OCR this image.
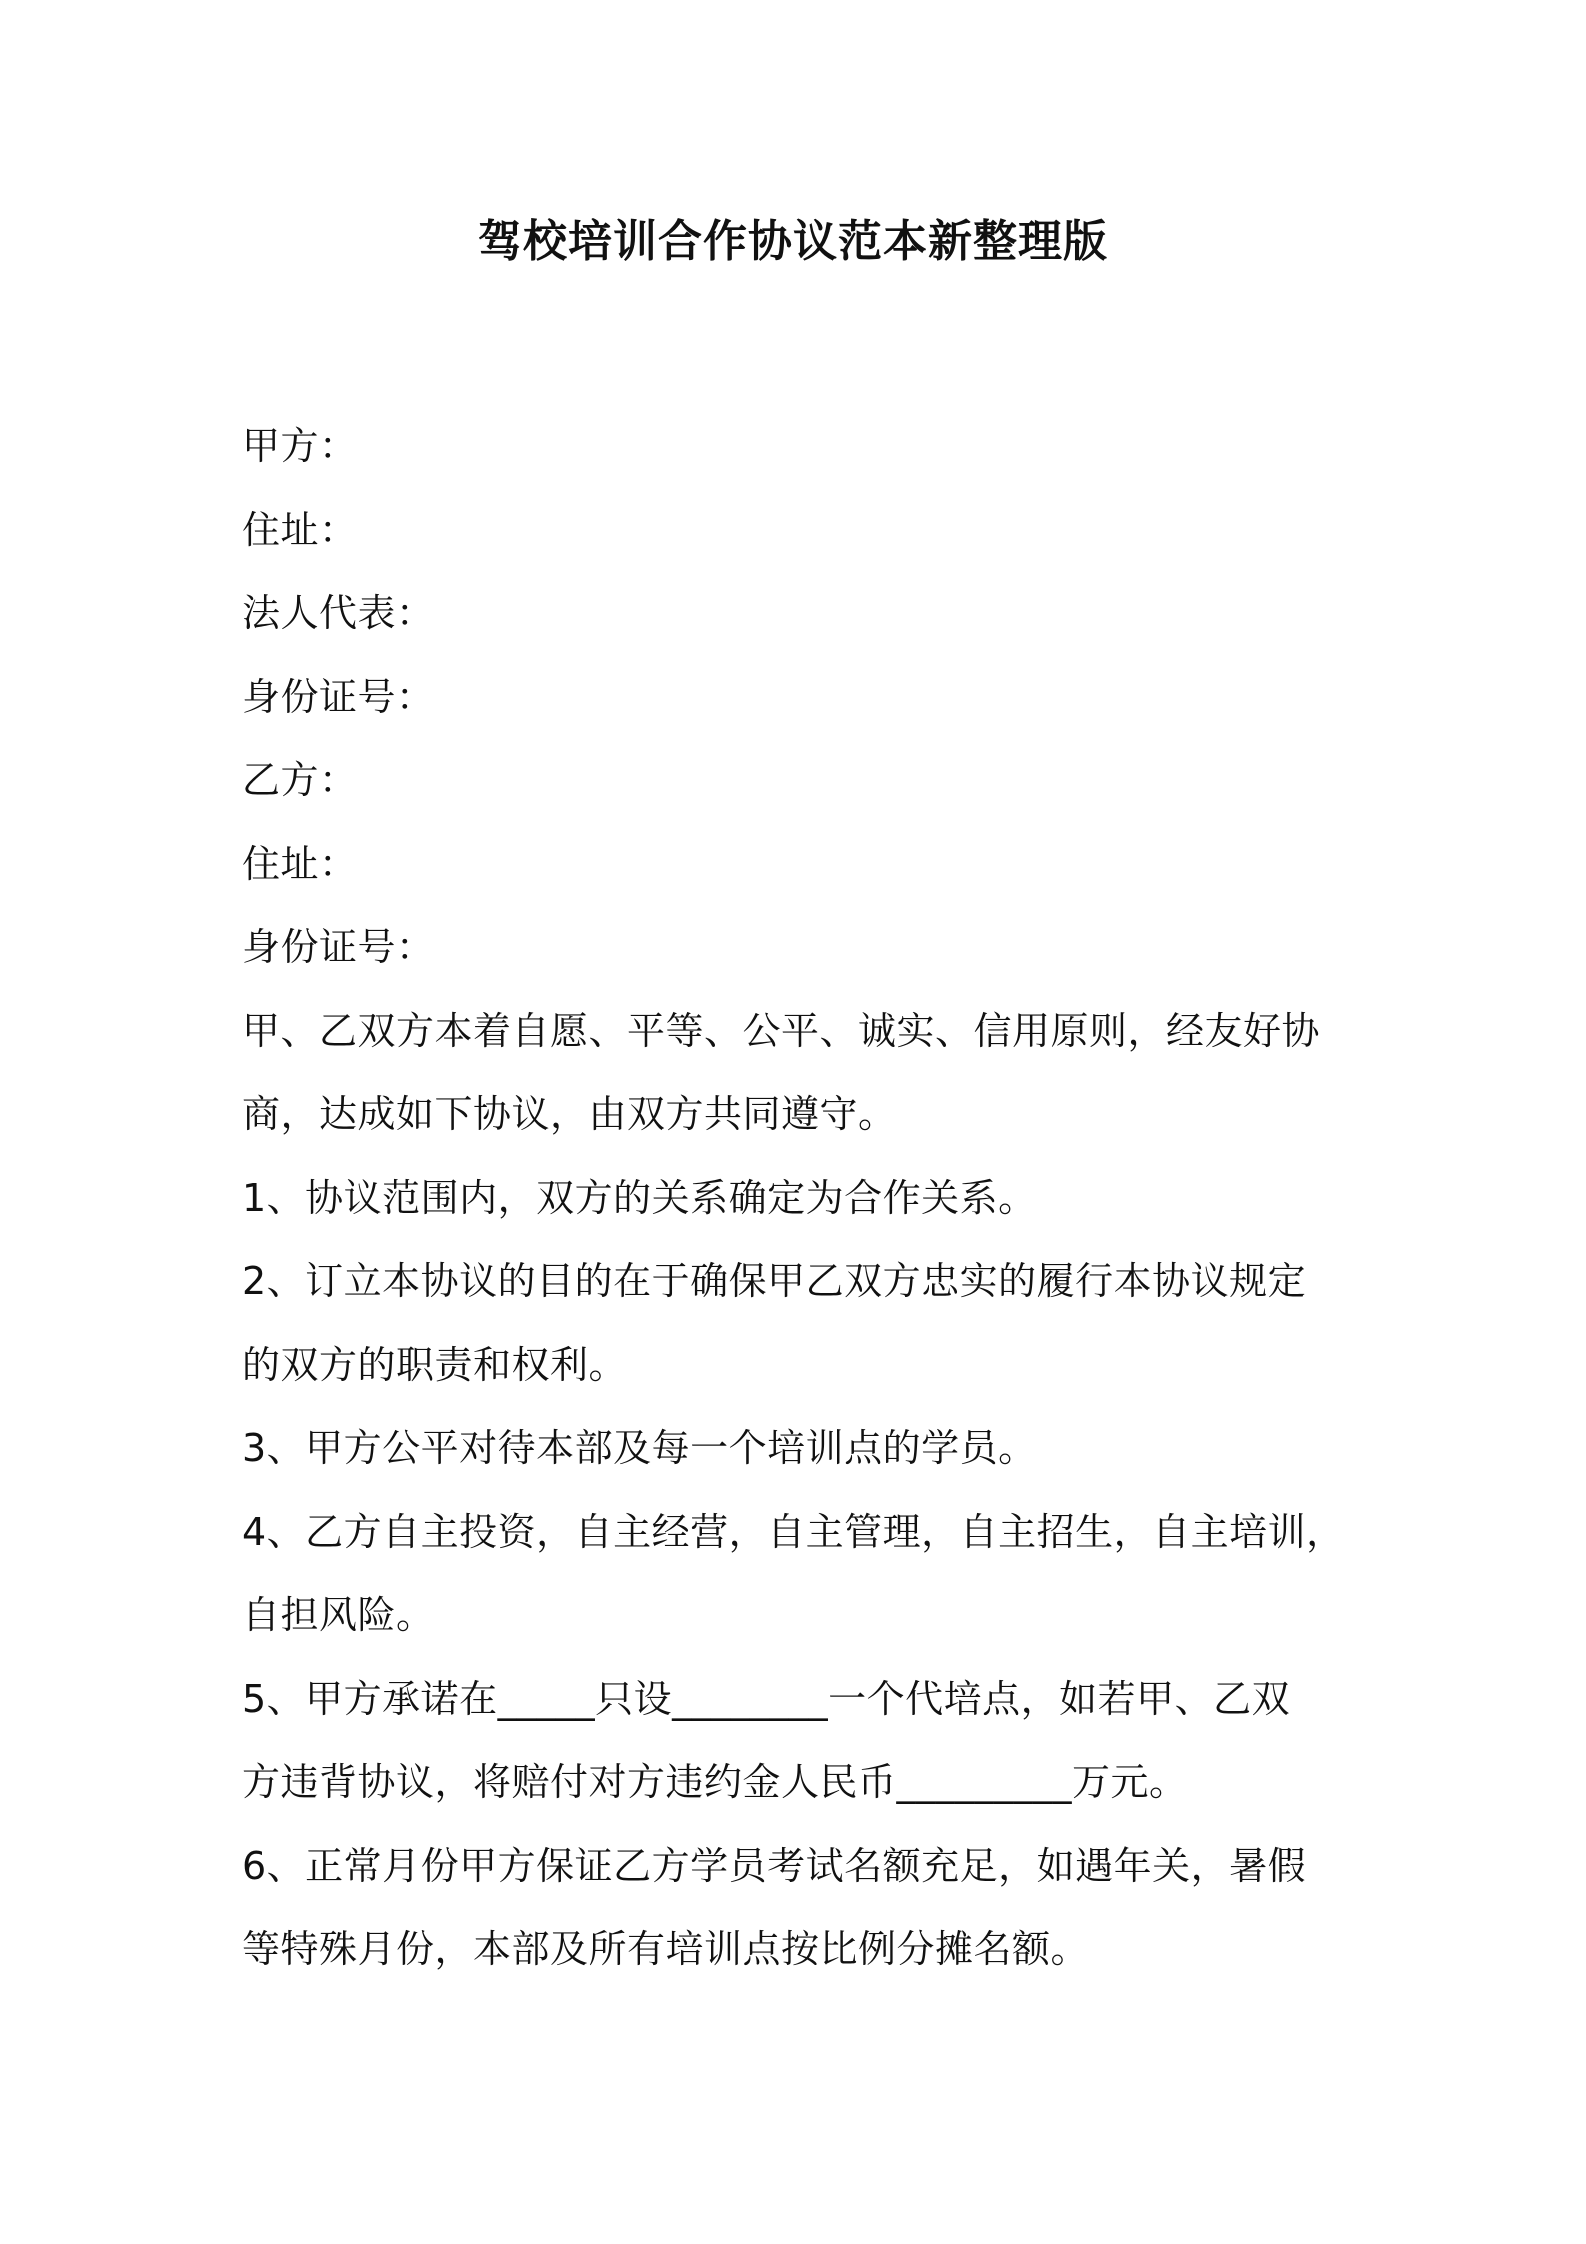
驾校培训合作协议范本新整理版

甲方：

住址：

法人代表：

身份证号：

乙方：

住址：

身份证号：

甲、乙双方本着自愿、平等、公平、诚实、信用原则，经友好协

商，达成如下协议，由双方共同遵守。

1、协议范围内，双方的关系确定为合作关系。

2、订立本协议的目的在于确保甲乙双方忠实的履行本协议规定

的双方的职责和权利。

3、甲方公平对待本部及每一个培训点的学员。

4、乙方自主投资，自主经营，自主管理，自主招生，自主培训，

自担风险。

5、甲方承诺在_____只设________一个代培点，如若甲、乙双

方违背协议，将赔付对方违约金人民币_________万元。

6、正常月份甲方保证乙方学员考试名额充足，如遇年关，暑假

等特殊月份，本部及所有培训点按比例分摊名额。
